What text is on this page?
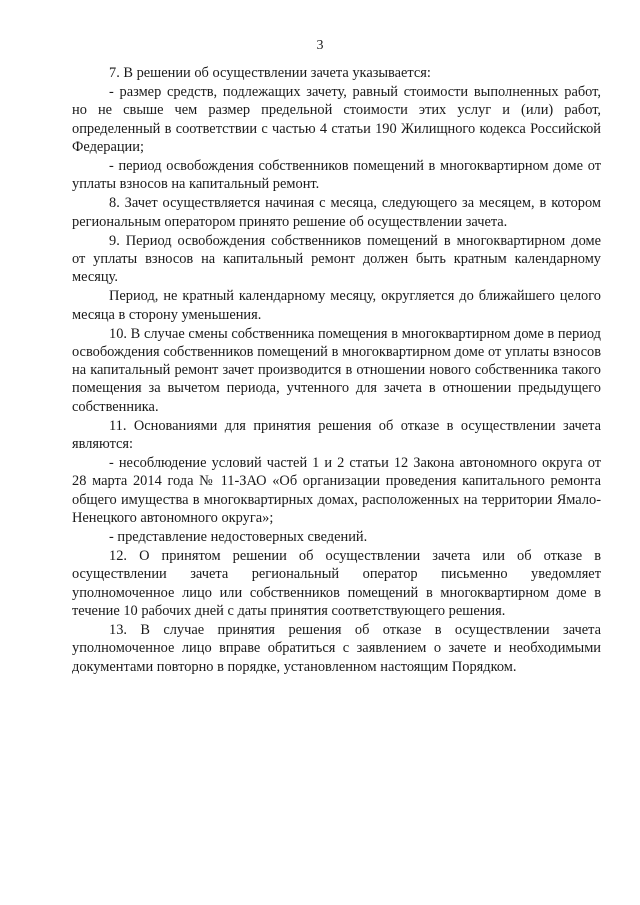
3

7. В решении об осуществлении зачета указывается:

- размер средств, подлежащих зачету, равный стоимости выполненных работ, но не свыше чем размер предельной стоимости этих услуг и (или) работ, определенный в соответствии с частью 4 статьи 190 Жилищного кодекса Российской Федерации;

- период освобождения собственников помещений в многоквартирном доме от уплаты взносов на капитальный ремонт.

8. Зачет осуществляется начиная с месяца, следующего за месяцем, в котором региональным оператором принято решение об осуществлении зачета.

9. Период освобождения собственников помещений в многоквартирном доме от уплаты взносов на капитальный ремонт должен быть кратным календарному месяцу.

Период, не кратный календарному месяцу, округляется до ближайшего целого месяца в сторону уменьшения.

10. В случае смены собственника помещения в многоквартирном доме в период освобождения собственников помещений в многоквартирном доме от уплаты взносов на капитальный ремонт зачет производится в отношении нового собственника такого помещения за вычетом периода, учтенного для зачета в отношении предыдущего собственника.

11. Основаниями для принятия решения об отказе в осуществлении зачета являются:

- несоблюдение условий частей 1 и 2 статьи 12 Закона автономного округа от 28 марта 2014 года № 11-ЗАО «Об организации проведения капитального ремонта общего имущества в многоквартирных домах, расположенных на территории Ямало-Ненецкого автономного округа»;

- представление недостоверных сведений.

12. О принятом решении об осуществлении зачета или об отказе в осуществлении зачета региональный оператор письменно уведомляет уполномоченное лицо или собственников помещений в многоквартирном доме в течение 10 рабочих дней с даты принятия соответствующего решения.

13. В случае принятия решения об отказе в осуществлении зачета уполномоченное лицо вправе обратиться с заявлением о зачете и необходимыми документами повторно в порядке, установленном настоящим Порядком.
